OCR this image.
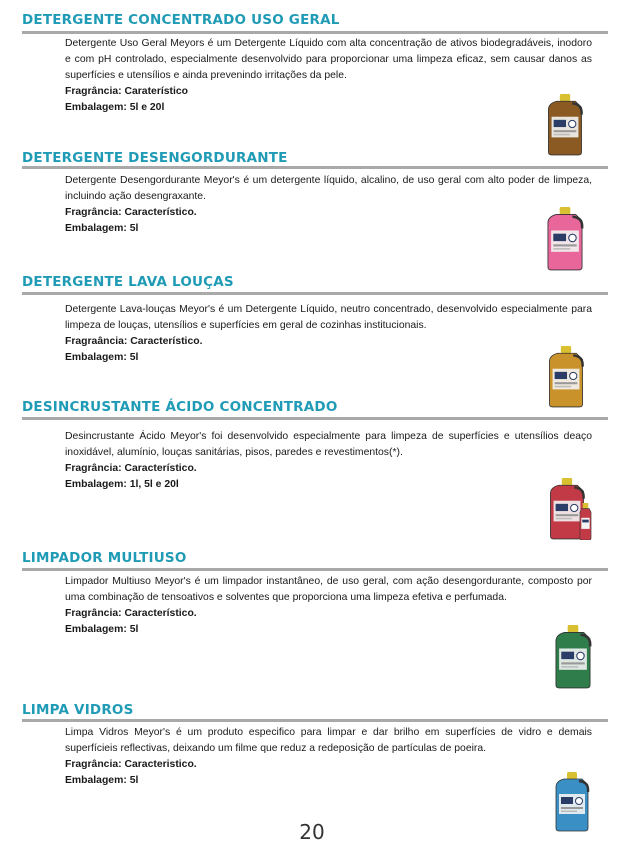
DETERGENTE CONCENTRADO USO GERAL

Detergente Uso Geral Meyors é um Detergente Líquido com alta concentração de ativos biodegradáveis, inodoro e com pH controlado, especialmente desenvolvido para proporcionar uma limpeza eficaz, sem causar danos as superfícies e utensílios e ainda prevenindo irritações da pele.

Fragrância: Caraterístico

Embalagem: 5l e 20l

DETERGENTE DESENGORDURANTE

Detergente Desengordurante Meyor's é um detergente líquido, alcalino, de uso geral com alto poder de limpeza, incluindo ação desengraxante.

Fragrância: Característico.

Embalagem: 5l

DETERGENTE LAVA LOUÇAS

Detergente Lava-louças Meyor's é um Detergente Líquido, neutro concentrado, desenvolvido especialmente para limpeza de louças, utensílios e superfícies em geral de cozinhas institucionais.

Fragraância: Característico.

Embalagem: 5l

DESINCRUSTANTE ÁCIDO CONCENTRADO

Desincrustante Ácido Meyor's foi desenvolvido especialmente para limpeza de superfícies e utensílios deaço inoxidável, alumínio, louças sanitárias, pisos, paredes e revestimentos(*).

Fragrância: Característico.

Embalagem: 1l, 5l e 20l

LIMPADOR MULTIUSO

Limpador Multiuso Meyor's é um limpador instantâneo, de uso geral, com ação desengordurante, composto por uma combinação de tensoativos e solventes que proporciona uma limpeza efetiva e perfumada.

Fragrância: Característico.

Embalagem: 5l

LIMPA VIDROS

Limpa Vidros Meyor's é um produto especifico para limpar e dar brilho em superfícies de vidro e demais superfícieis reflectivas, deixando um filme que reduz a redeposição de partículas de poeira.

Fragrância: Caracteristico.

Embalagem: 5l

20
